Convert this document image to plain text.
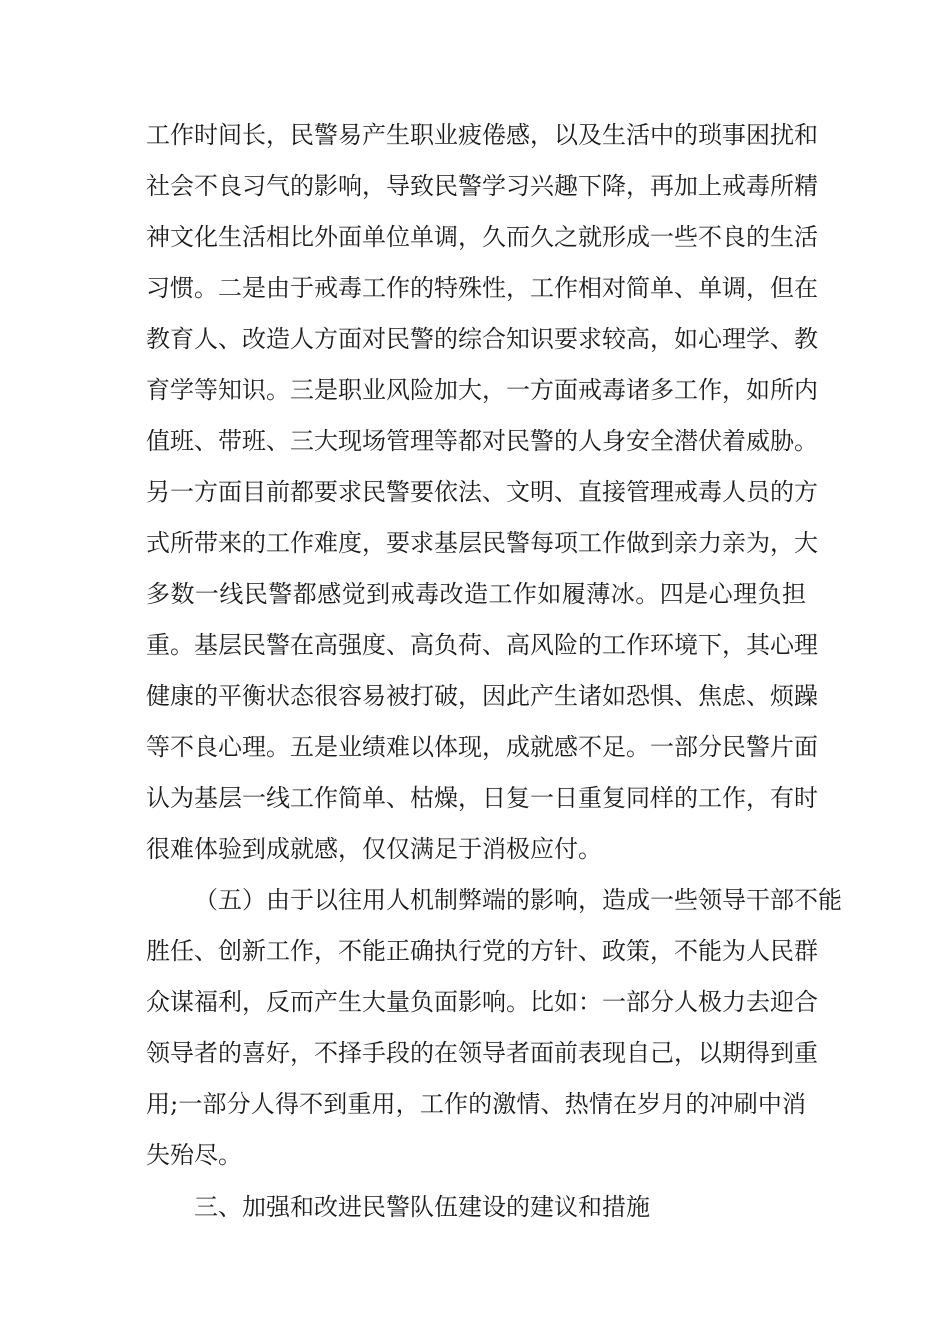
工作时间长，民警易产生职业疲倦感，以及生活中的琐事困扰和
社会不良习气的影响，导致民警学习兴趣下降，再加上戒毒所精
神文化生活相比外面单位单调，久而久之就形成一些不良的生活
习惯。二是由于戒毒工作的特殊性，工作相对简单、单调，但在
教育人、改造人方面对民警的综合知识要求较高，如心理学、教
育学等知识。三是职业风险加大，一方面戒毒诸多工作，如所内
值班、带班、三大现场管理等都对民警的人身安全潜伏着威胁。
另一方面目前都要求民警要依法、文明、直接管理戒毒人员的方
式所带来的工作难度，要求基层民警每项工作做到亲力亲为，大
多数一线民警都感觉到戒毒改造工作如履薄冰。四是心理负担
重。基层民警在高强度、高负荷、高风险的工作环境下，其心理
健康的平衡状态很容易被打破，因此产生诸如恐惧、焦虑、烦躁
等不良心理。五是业绩难以体现，成就感不足。一部分民警片面
认为基层一线工作简单、枯燥，日复一日重复同样的工作，有时
很难体验到成就感，仅仅满足于消极应付。
（五）由于以往用人机制弊端的影响，造成一些领导干部不能
胜任、创新工作，不能正确执行党的方针、政策，不能为人民群
众谋福利，反而产生大量负面影响。比如：一部分人极力去迎合
领导者的喜好，不择手段的在领导者面前表现自己，以期得到重
用;一部分人得不到重用，工作的激情、热情在岁月的冲刷中消
失殆尽。
三、加强和改进民警队伍建设的建议和措施
